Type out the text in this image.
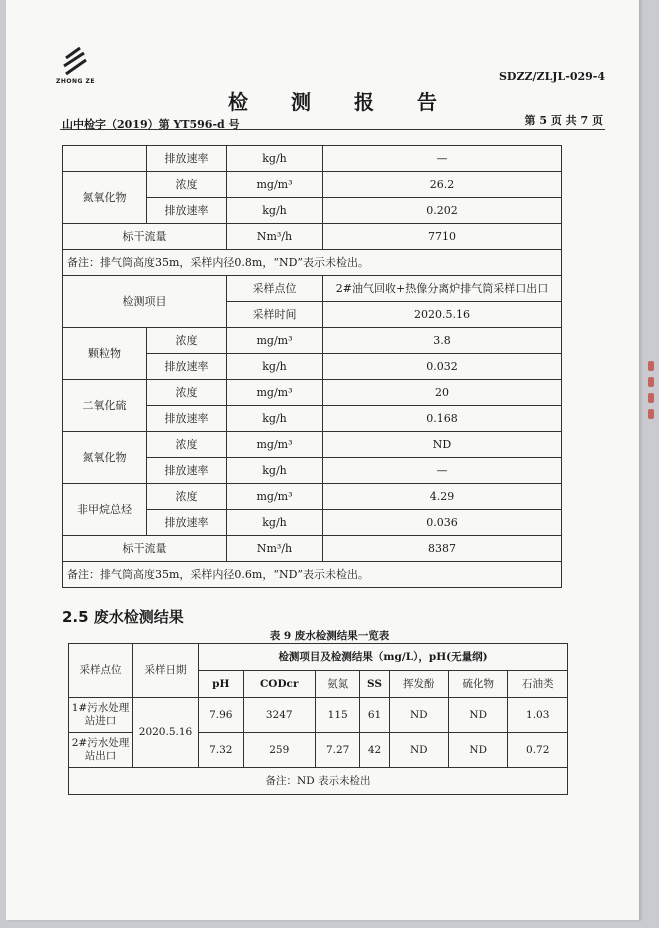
ZHONG ZE	SDZZ/ZLJL-029-4
检 测 报 告
山中检字（2019）第 YT596-d 号	第 5 页 共 7 页
	排放速率	kg/h	—
氮氧化物	浓度	mg/m³	26.2
	排放速率	kg/h	0.202
标干流量		Nm³/h	7710
备注：排气筒高度35m，采样内径0.8m，“ND”表示未检出。			
检测项目		采样点位	2#油气回收+热像分离炉排气筒采样口出口
		采样时间	2020.5.16
颗粒物	浓度	mg/m³	3.8
	排放速率	kg/h	0.032
二氧化硫	浓度	mg/m³	20
	排放速率	kg/h	0.168
氮氧化物	浓度	mg/m³	ND
	排放速率	kg/h	—
非甲烷总烃	浓度	mg/m³	4.29
	排放速率	kg/h	0.036
标干流量		Nm³/h	8387
备注：排气筒高度35m，采样内径0.6m，“ND”表示未检出。			
2.5 废水检测结果
表 9 废水检测结果一览表
采样点位	采样日期	检测项目及检测结果（mg/L），pH(无量纲)						
		pH	CODcr	氨氮	SS	挥发酚	硫化物	石油类
1#污水处理站进口	2020.5.16	7.96	3247	115	61	ND	ND	1.03
2#污水处理站出口		7.32	259	7.27	42	ND	ND	0.72
备注：ND 表示未检出								
